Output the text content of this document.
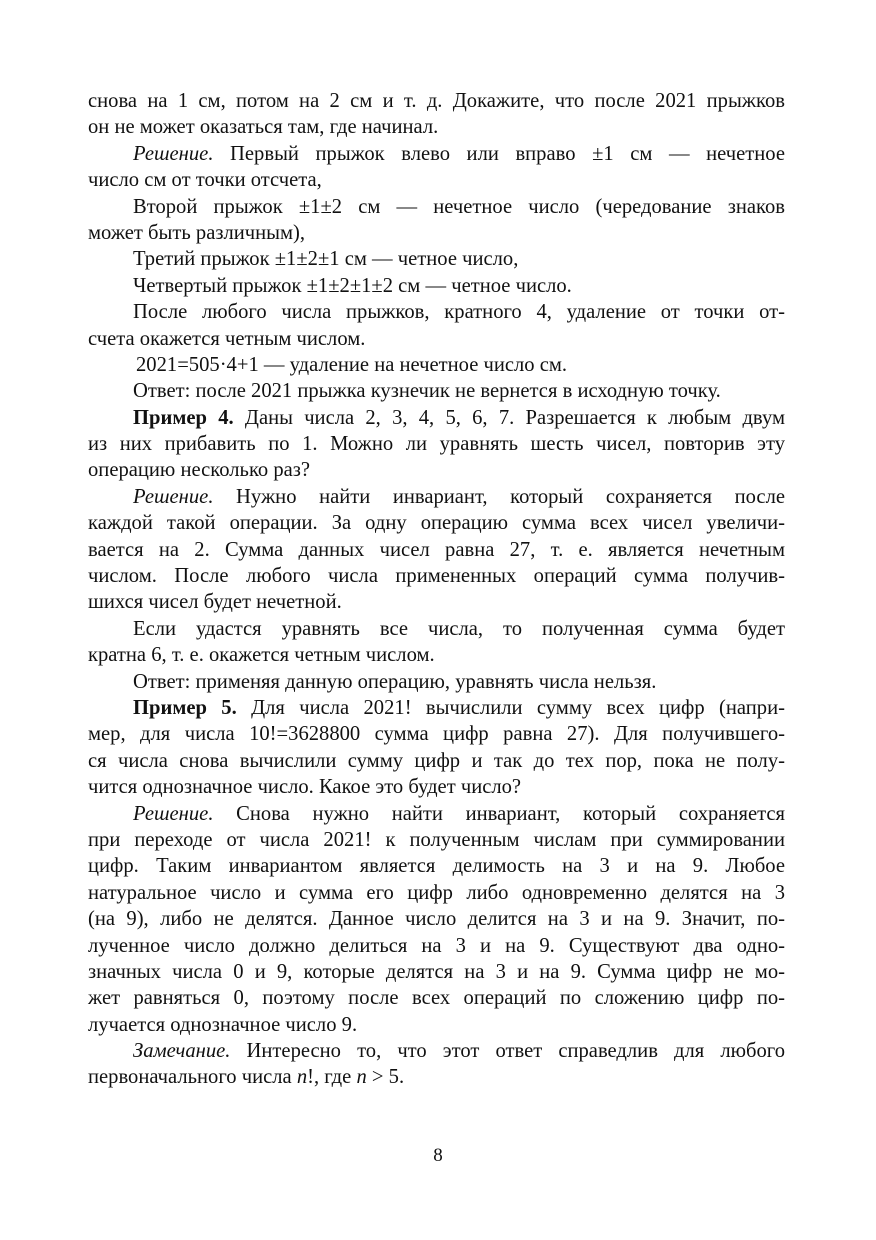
снова на 1 см, потом на 2 см и т. д. Докажите, что после 2021 прыжков
он не может оказаться там, где начинал.
Решение. Первый прыжок влево или вправо ±1 см — нечетное
число см от точки отсчета,
Второй прыжок ±1±2 см — нечетное число (чередование знаков
может быть различным),
Третий прыжок ±1±2±1 см — четное число,
Четвертый прыжок ±1±2±1±2 см — четное число.
После любого числа прыжков, кратного 4, удаление от точки от-
счета окажется четным числом.
2021=505·4+1 — удаление на нечетное число см.
Ответ: после 2021 прыжка кузнечик не вернется в исходную точку.
Пример 4. Даны числа 2, 3, 4, 5, 6, 7. Разрешается к любым двум
из них прибавить по 1. Можно ли уравнять шесть чисел, повторив эту
операцию несколько раз?
Решение. Нужно найти инвариант, который сохраняется после
каждой такой операции. За одну операцию сумма всех чисел увеличи-
вается на 2. Сумма данных чисел равна 27, т. е. является нечетным
числом. После любого числа примененных операций сумма получив-
шихся чисел будет нечетной.
Если удастся уравнять все числа, то полученная сумма будет
кратна 6, т. е. окажется четным числом.
Ответ: применяя данную операцию, уравнять числа нельзя.
Пример 5. Для числа 2021! вычислили сумму всех цифр (напри-
мер, для числа 10!=3628800 сумма цифр равна 27). Для получившего-
ся числа снова вычислили сумму цифр и так до тех пор, пока не полу-
чится однозначное число. Какое это будет число?
Решение. Снова нужно найти инвариант, который сохраняется
при переходе от числа 2021! к полученным числам при суммировании
цифр. Таким инвариантом является делимость на 3 и на 9. Любое
натуральное число и сумма его цифр либо одновременно делятся на 3
(на 9), либо не делятся. Данное число делится на 3 и на 9. Значит, по-
лученное число должно делиться на 3 и на 9. Существуют два одно-
значных числа 0 и 9, которые делятся на 3 и на 9. Сумма цифр не мо-
жет равняться 0, поэтому после всех операций по сложению цифр по-
лучается однозначное число 9.
Замечание. Интересно то, что этот ответ справедлив для любого
первоначального числа n!, где n > 5.
8
